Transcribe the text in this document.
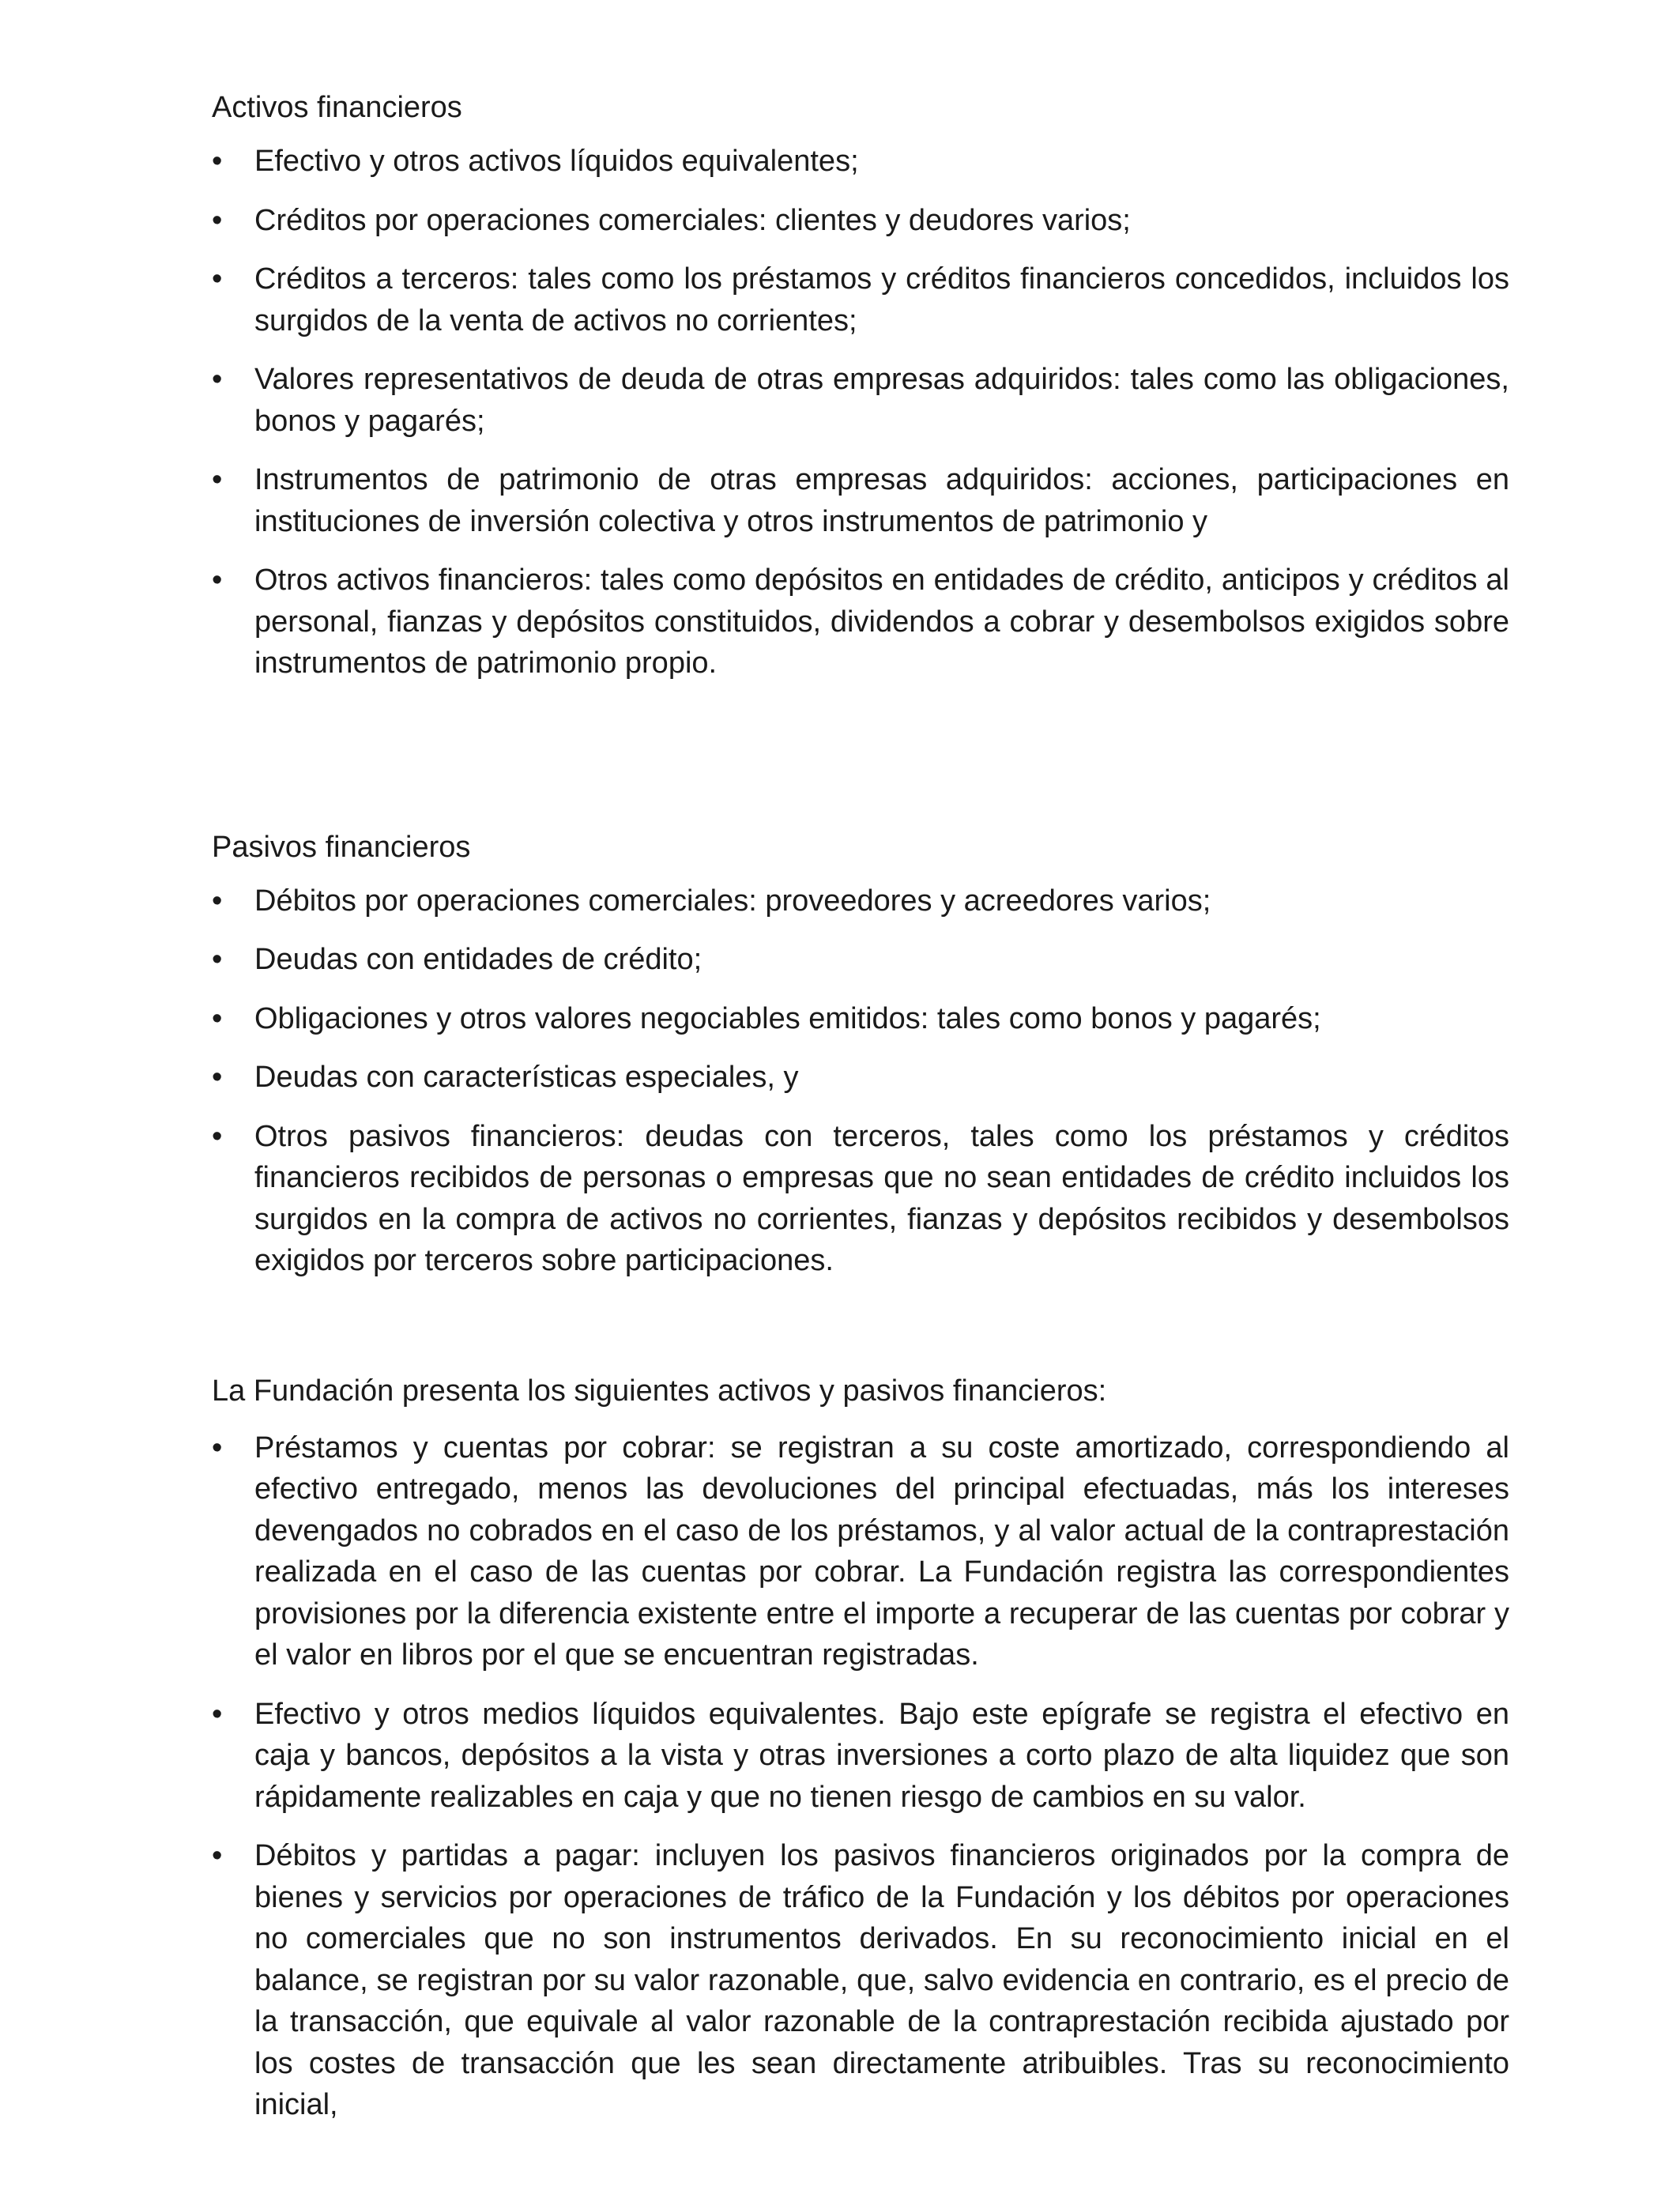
Activos financieros
•	Efectivo y otros activos líquidos equivalentes;
•	Créditos por operaciones comerciales: clientes y deudores varios;
•	Créditos a terceros: tales como los préstamos y créditos financieros concedidos, incluidos los surgidos de la venta de activos no corrientes;
•	Valores representativos de deuda de otras empresas adquiridos: tales como las obligaciones, bonos y pagarés;
•	Instrumentos de patrimonio de otras empresas adquiridos: acciones, participaciones en instituciones de inversión colectiva y otros instrumentos de patrimonio y
•	Otros activos financieros: tales como depósitos en entidades de crédito, anticipos y créditos al personal, fianzas y depósitos constituidos, dividendos a cobrar y desembolsos exigidos sobre instrumentos de patrimonio propio.
Pasivos financieros
•	Débitos por operaciones comerciales: proveedores y acreedores varios;
•	Deudas con entidades de crédito;
•	Obligaciones y otros valores negociables emitidos: tales como bonos y pagarés;
•	Deudas con características especiales, y
•	Otros pasivos financieros: deudas con terceros, tales como los préstamos y créditos financieros recibidos de personas o empresas que no sean entidades de crédito incluidos los surgidos en la compra de activos no corrientes, fianzas y depósitos recibidos y desembolsos exigidos por terceros sobre participaciones.
La Fundación presenta los siguientes activos y pasivos financieros:
•	Préstamos y cuentas por cobrar: se registran a su coste amortizado, correspondiendo al efectivo entregado, menos las devoluciones del principal efectuadas, más los intereses devengados no cobrados en el caso de los préstamos, y al valor actual de la contraprestación realizada en el caso de las cuentas por cobrar. La Fundación registra las correspondientes provisiones por la diferencia existente entre el importe a recuperar de las cuentas por cobrar y el valor en libros por el que se encuentran registradas.
•	Efectivo y otros medios líquidos equivalentes. Bajo este epígrafe se registra el efectivo en caja y bancos, depósitos a la vista y otras inversiones a corto plazo de alta liquidez que son rápidamente realizables en caja y que no tienen riesgo de cambios en su valor.
•	Débitos y partidas a pagar: incluyen los pasivos financieros originados por la compra de bienes y servicios por operaciones de tráfico de la Fundación y los débitos por operaciones no comerciales que no son instrumentos derivados. En su reconocimiento inicial en el balance, se registran por su valor razonable, que, salvo evidencia en contrario, es el precio de la transacción, que equivale al valor razonable de la contraprestación recibida ajustado por los costes de transacción que les sean directamente atribuibles. Tras su reconocimiento inicial,
